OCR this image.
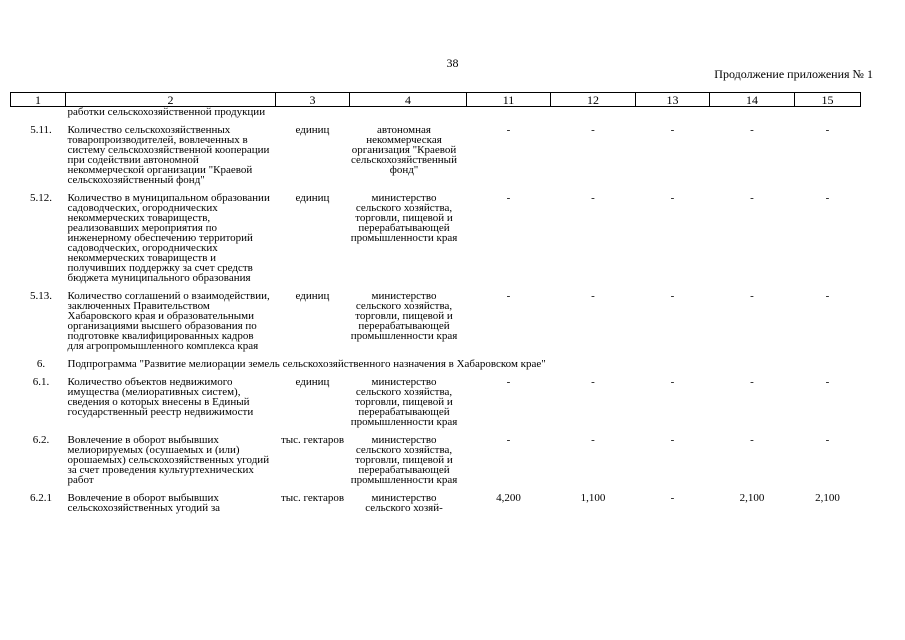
38
Продолжение приложения № 1
1	2	3	4	11	12	13	14	15
	работки сельскохозяйственной продукции							
5.11.	Количество сельскохозяйственных товаропроизводителей, вовлеченных в систему сельскохозяйственной кооперации при содействии автономной некоммерческой организации "Краевой сельскохозяйственный фонд"	единиц	автономная некоммерческая организация "Краевой сельскохозяйственный фонд"	-	-	-	-	-
5.12.	Количество в муниципальном образовании садоводческих, огороднических некоммерческих товариществ, реализовавших мероприятия по инженерному обеспечению территорий садоводческих, огороднических некоммерческих товариществ и получивших поддержку за счет средств бюджета муниципального образования	единиц	министерство сельского хозяйства, торговли, пищевой и перерабатывающей промышленности края	-	-	-	-	-
5.13.	Количество соглашений о взаимодействии, заключенных Правительством Хабаровского края и образовательными организациями высшего образования по подготовке квалифицированных кадров для агропромышленного комплекса края	единиц	министерство сельского хозяйства, торговли, пищевой и перерабатывающей промышленности края	-	-	-	-	-
6.	Подпрограмма "Развитие мелиорации земель сельскохозяйственного назначения в Хабаровском крае"							
6.1.	Количество объектов недвижимого имущества (мелиоративных систем), сведения о которых внесены в Единый государственный реестр недвижимости	единиц	министерство сельского хозяйства, торговли, пищевой и перерабатывающей промышленности края	-	-	-	-	-
6.2.	Вовлечение в оборот выбывших мелиорируемых (осушаемых и (или) орошаемых) сельскохозяйственных угодий за счет проведения культуртехнических работ	тыс. гектаров	министерство сельского хозяйства, торговли, пищевой и перерабатывающей промышленности края	-	-	-	-	-
6.2.1	Вовлечение в оборот выбывших сельскохозяйственных угодий за	тыс. гектаров	министерство сельского хозяй-	4,200	1,100	-	2,100	2,100
